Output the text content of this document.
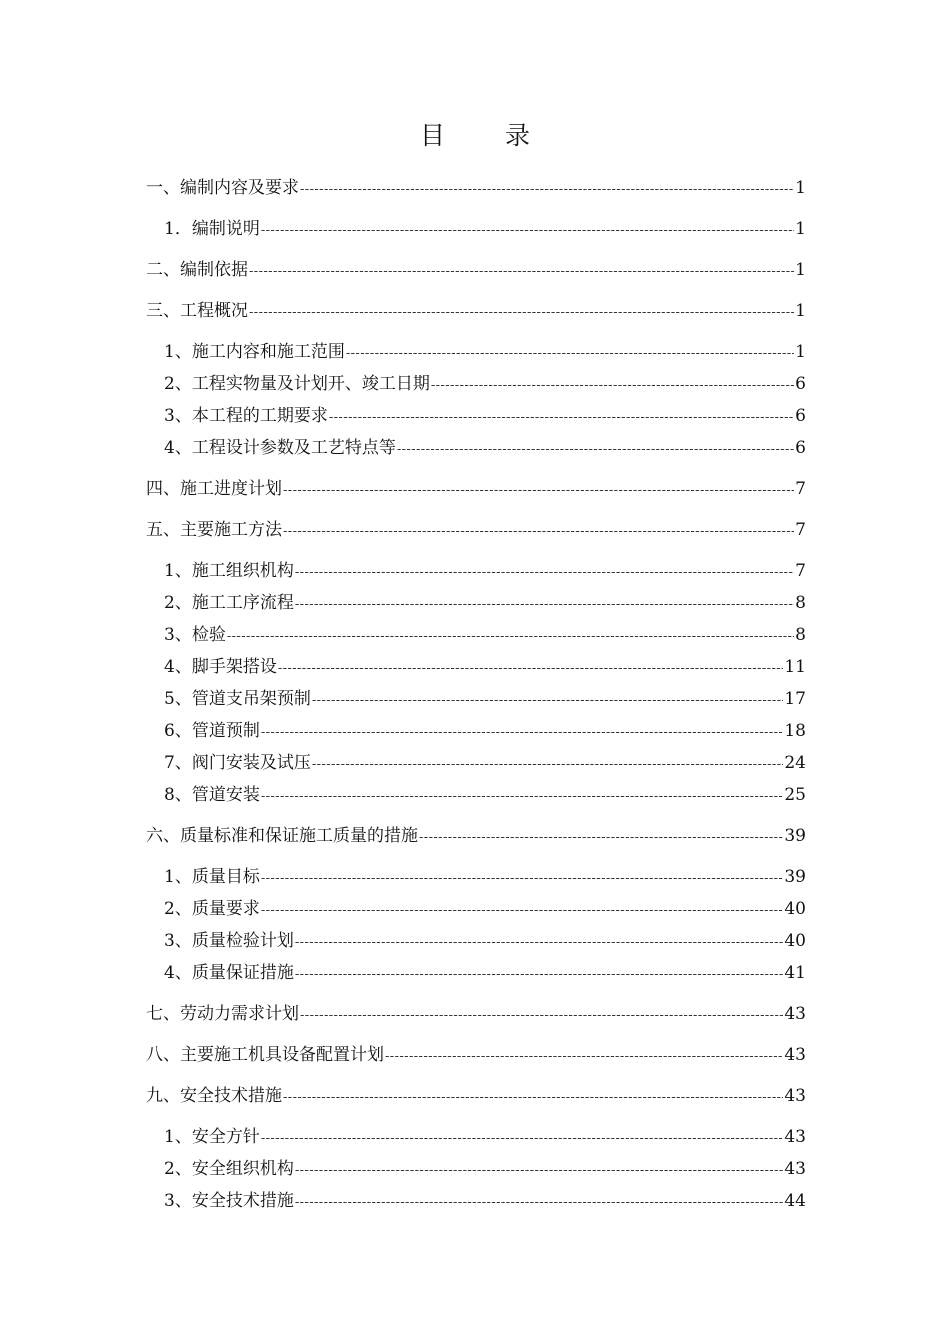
目 录
一、编制内容及要求 -----	1
1．编制说明 -----	1
二、编制依据 -----	1
三、工程概况 -----	1
1、施工内容和施工范围 -----	1
2、工程实物量及计划开、竣工日期 -----	6
3、本工程的工期要求 -----	6
4、工程设计参数及工艺特点等 -----	6
四、施工进度计划 -----	7
五、主要施工方法 -----	7
1、施工组织机构 -----	7
2、施工工序流程 -----	8
3、检验 -----	8
4、脚手架搭设 -----	11
5、管道支吊架预制 -----	17
6、管道预制 -----	18
7、阀门安装及试压 -----	24
8、管道安装 -----	25
六、质量标准和保证施工质量的措施 -----	39
1、质量目标 -----	39
2、质量要求 -----	40
3、质量检验计划 -----	40
4、质量保证措施 -----	41
七、劳动力需求计划 -----	43
八、主要施工机具设备配置计划 -----	43
九、安全技术措施 -----	43
1、安全方针 -----	43
2、安全组织机构 -----	43
3、安全技术措施 -----	44
